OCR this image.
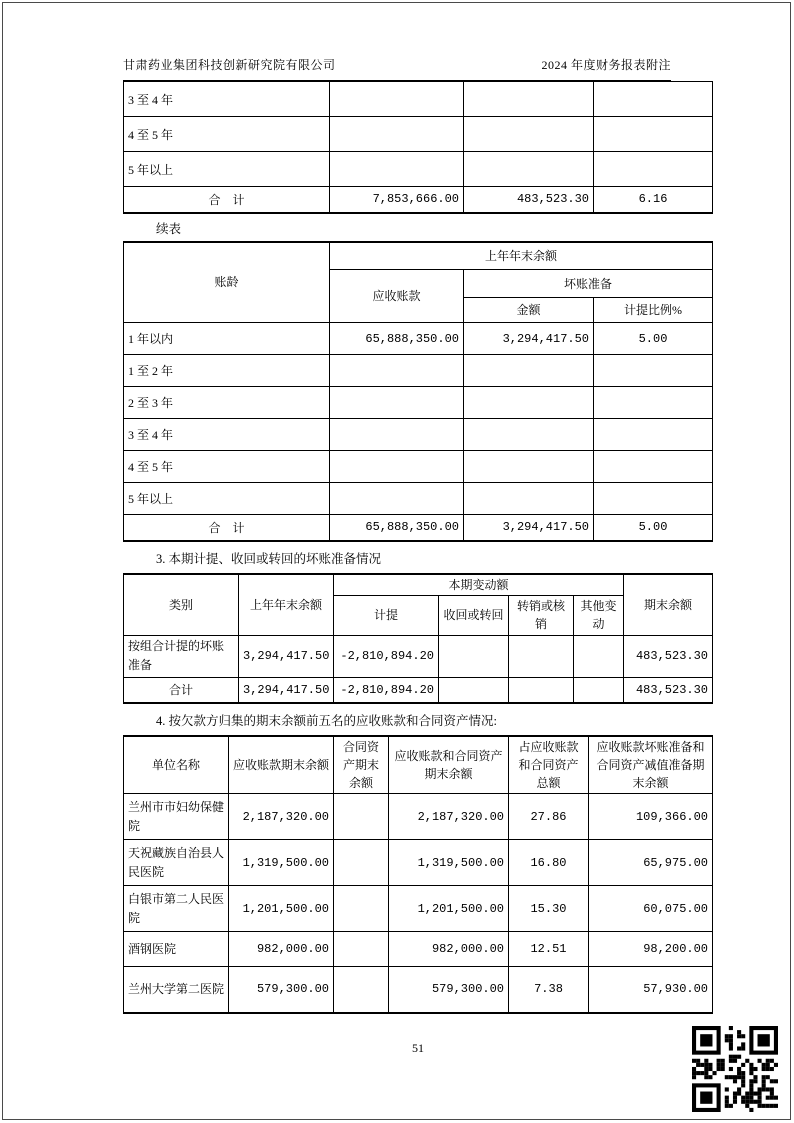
甘肃药业集团科技创新研究院有限公司	2024 年度财务报表附注
3 至 4 年			
4 至 5 年			
5 年以上			
合　计	7,853,666.00	483,523.30	6.16
续表
账龄	上年年末余额		
	应收账款	坏账准备	
		金额	计提比例%
1 年以内	65,888,350.00	3,294,417.50	5.00
1 至 2 年			
2 至 3 年			
3 至 4 年			
4 至 5 年			
5 年以上			
合　计	65,888,350.00	3,294,417.50	5.00
3. 本期计提、收回或转回的坏账准备情况
类别	上年年末余额	本期变动额				期末余额
		计提	收回或转回	转销或核销	其他变动	
按组合计提的坏账准备	3,294,417.50	-2,810,894.20				483,523.30
合计	3,294,417.50	-2,810,894.20				483,523.30
4. 按欠款方归集的期末余额前五名的应收账款和合同资产情况:
单位名称	应收账款期末余额	合同资产期末余额	应收账款和合同资产期末余额	占应收账款和合同资产总额	应收账款坏账准备和合同资产减值准备期末余额
兰州市市妇幼保健院	2,187,320.00		2,187,320.00	27.86	109,366.00
天祝藏族自治县人民医院	1,319,500.00		1,319,500.00	16.80	65,975.00
白银市第二人民医院	1,201,500.00		1,201,500.00	15.30	60,075.00
酒钢医院	982,000.00		982,000.00	12.51	98,200.00
兰州大学第二医院	579,300.00		579,300.00	7.38	57,930.00
51
